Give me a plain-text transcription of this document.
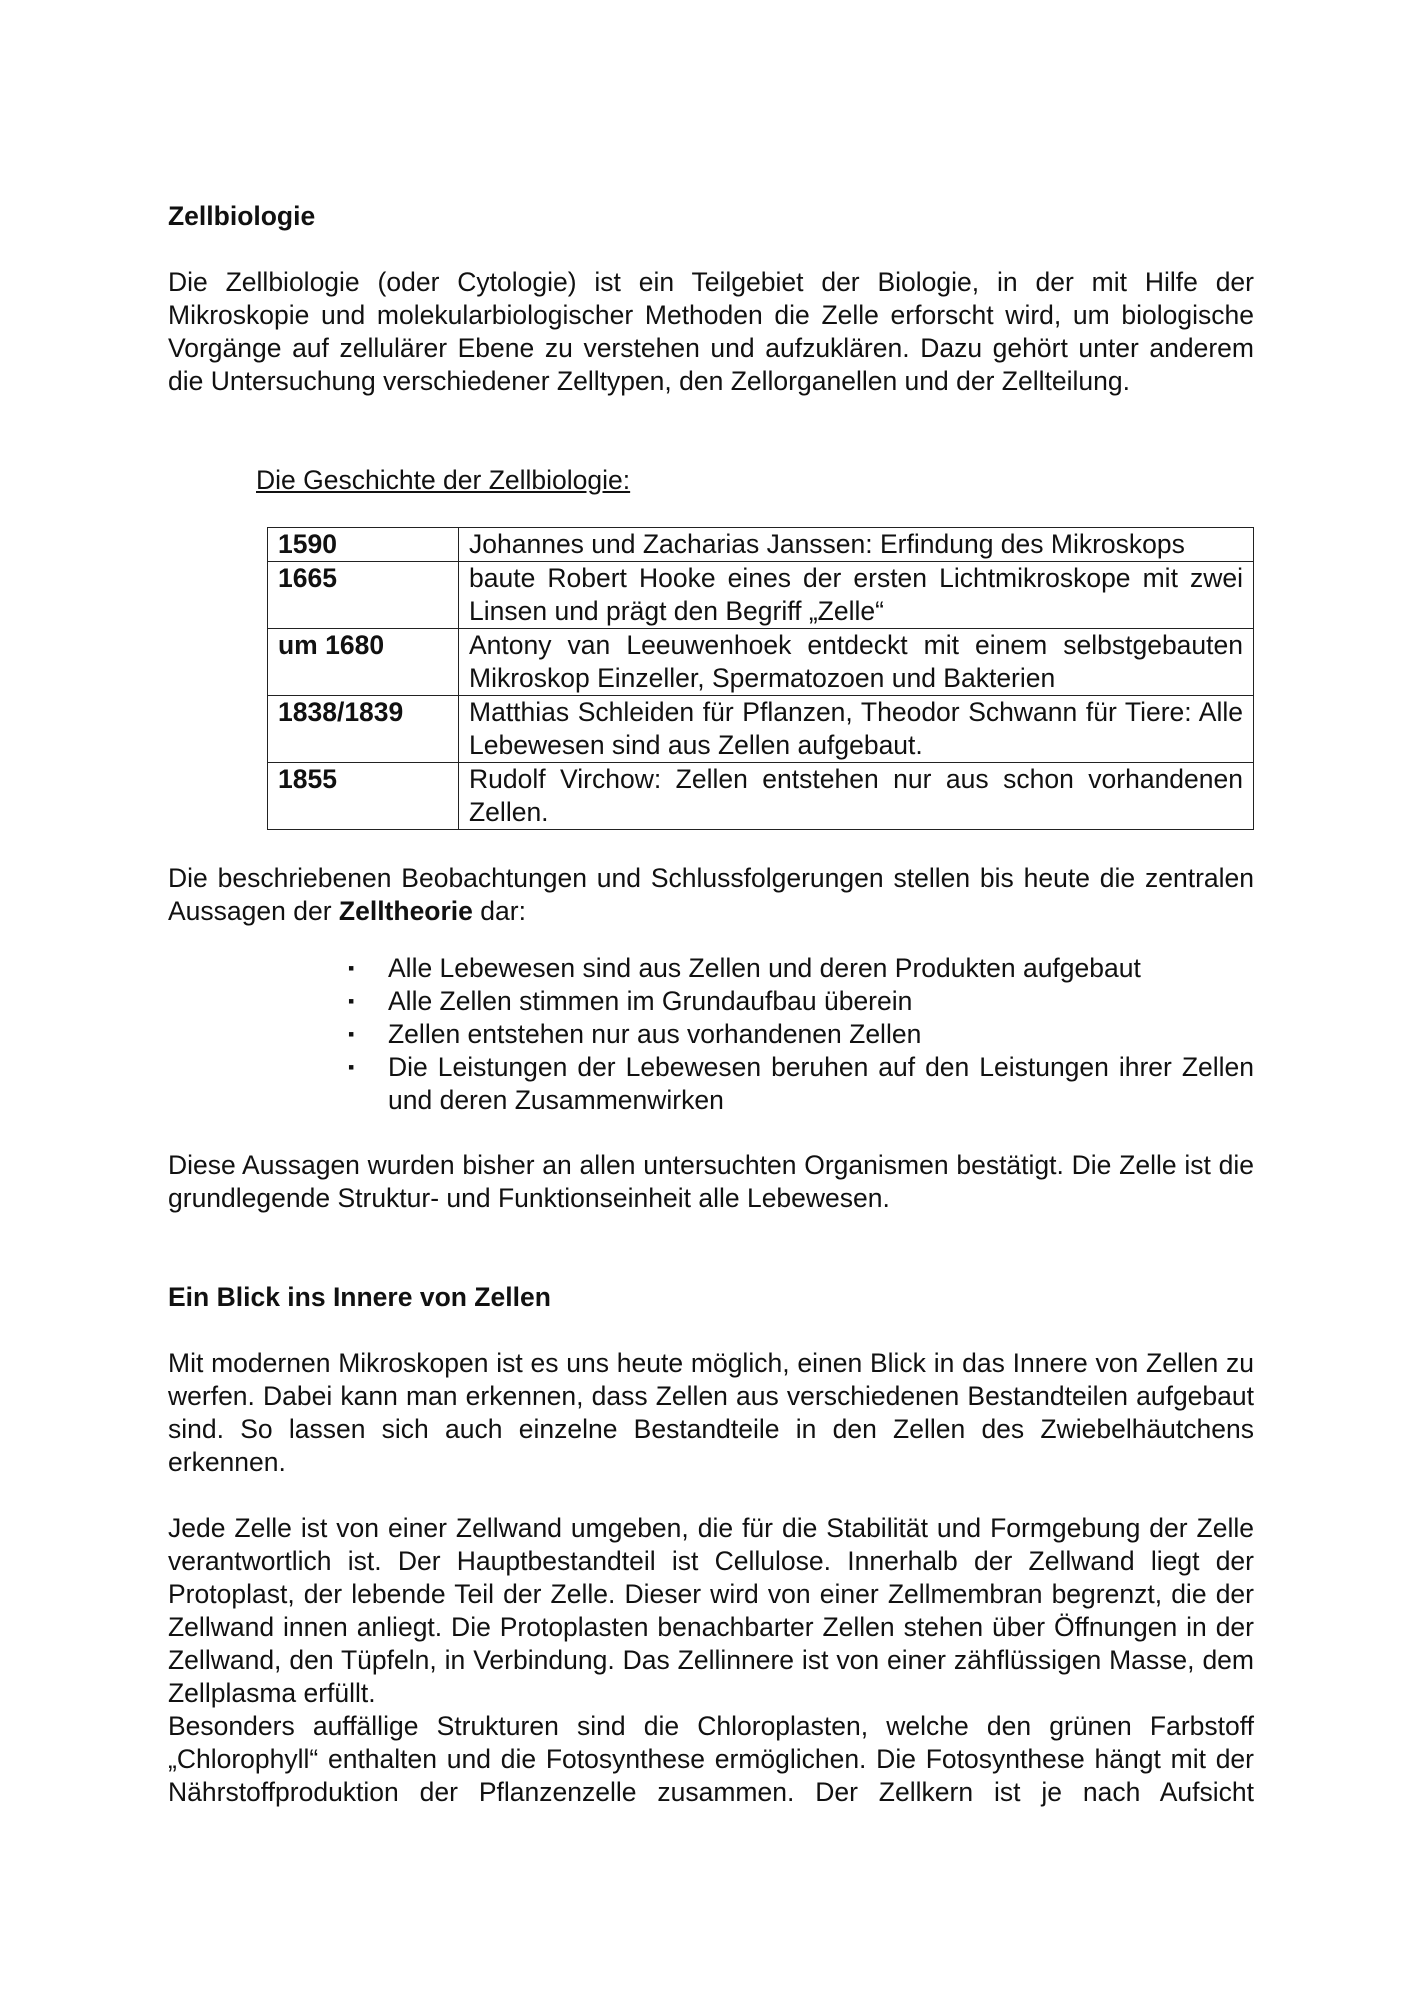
Zellbiologie

Die Zellbiologie (oder Cytologie) ist ein Teilgebiet der Biologie, in der mit Hilfe der Mikroskopie und molekularbiologischer Methoden die Zelle erforscht wird, um biologische Vorgänge auf zellulärer Ebene zu verstehen und aufzuklären. Dazu gehört unter anderem die Untersuchung verschiedener Zelltypen, den Zellorganellen und der Zellteilung.

Die Geschichte der Zellbiologie:
1590	Johannes und Zacharias Janssen: Erfindung des Mikroskops
1665	baute Robert Hooke eines der ersten Lichtmikroskope mit zwei Linsen und prägt den Begriff „Zelle“
um 1680	Antony van Leeuwenhoek entdeckt mit einem selbstgebauten Mikroskop Einzeller, Spermatozoen und Bakterien
1838/1839	Matthias Schleiden für Pflanzen, Theodor Schwann für Tiere: Alle Lebewesen sind aus Zellen aufgebaut.
1855	Rudolf Virchow: Zellen entstehen nur aus schon vorhandenen Zellen.

Die beschriebenen Beobachtungen und Schlussfolgerungen stellen bis heute die zentralen Aussagen der Zelltheorie dar:

▪ Alle Lebewesen sind aus Zellen und deren Produkten aufgebaut
▪ Alle Zellen stimmen im Grundaufbau überein
▪ Zellen entstehen nur aus vorhandenen Zellen
▪ Die Leistungen der Lebewesen beruhen auf den Leistungen ihrer Zellen und deren Zusammenwirken

Diese Aussagen wurden bisher an allen untersuchten Organismen bestätigt. Die Zelle ist die grundlegende Struktur- und Funktionseinheit alle Lebewesen.

Ein Blick ins Innere von Zellen

Mit modernen Mikroskopen ist es uns heute möglich, einen Blick in das Innere von Zellen zu werfen. Dabei kann man erkennen, dass Zellen aus verschiedenen Bestandteilen aufgebaut sind. So lassen sich auch einzelne Bestandteile in den Zellen des Zwiebelhäutchens erkennen.

Jede Zelle ist von einer Zellwand umgeben, die für die Stabilität und Formgebung der Zelle verantwortlich ist. Der Hauptbestandteil ist Cellulose. Innerhalb der Zellwand liegt der Protoplast, der lebende Teil der Zelle. Dieser wird von einer Zellmembran begrenzt, die der Zellwand innen anliegt. Die Protoplasten benachbarter Zellen stehen über Öffnungen in der Zellwand, den Tüpfeln, in Verbindung. Das Zellinnere ist von einer zähflüssigen Masse, dem Zellplasma erfüllt.

Besonders auffällige Strukturen sind die Chloroplasten, welche den grünen Farbstoff „Chlorophyll“ enthalten und die Fotosynthese ermöglichen. Die Fotosynthese hängt mit der Nährstoffproduktion der Pflanzenzelle zusammen. Der Zellkern ist je nach Aufsicht
